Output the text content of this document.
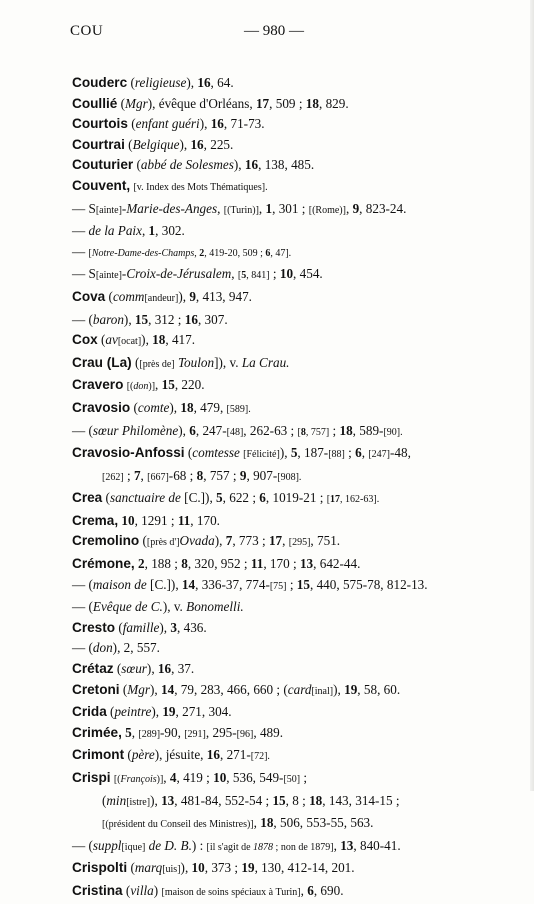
COU	— 980 —
Couderc (religieuse), 16, 64.
Coullié (Mgr), évêque d'Orléans, 17, 509 ; 18, 829.
Courtois (enfant guéri), 16, 71-73.
Courtrai (Belgique), 16, 225.
Couturier (abbé de Solesmes), 16, 138, 485.
Couvent, [v. Index des Mots Thématiques].
— S[ainte]-Marie-des-Anges, [(Turin)], 1, 301 ; [(Rome)], 9, 823-24.
— de la Paix, 1, 302.
— [Notre-Dame-des-Champs, 2, 419-20, 509 ; 6, 47].
— S[ainte]-Croix-de-Jérusalem, [5, 841] ; 10, 454.
Cova (comm[andeur]), 9, 413, 947.
— (baron), 15, 312 ; 16, 307.
Cox (av[ocat]), 18, 417.
Crau (La) ([près de] Toulon]), v. La Crau.
Cravero [(don)], 15, 220.
Cravosio (comte), 18, 479, [589].
— (sœur Philomène), 6, 247-[48], 262-63 ; [8, 757] ; 18, 589-[90].
Cravosio-Anfossi (comtesse [Félicité]), 5, 187-[88] ; 6, [247]-48,
[262] ; 7, [667]-68 ; 8, 757 ; 9, 907-[908].
Crea (sanctuaire de [C.]), 5, 622 ; 6, 1019-21 ; [17, 162-63].
Crema, 10, 1291 ; 11, 170.
Cremolino ([près d']Ovada), 7, 773 ; 17, [295], 751.
Crémone, 2, 188 ; 8, 320, 952 ; 11, 170 ; 13, 642-44.
— (maison de [C.]), 14, 336-37, 774-[75] ; 15, 440, 575-78, 812-13.
— (Evêque de C.), v. Bonomelli.
Cresto (famille), 3, 436.
— (don), 2, 557.
Crétaz (sœur), 16, 37.
Cretoni (Mgr), 14, 79, 283, 466, 660 ; (card[inal]), 19, 58, 60.
Crida (peintre), 19, 271, 304.
Crimée, 5, [289]-90, [291], 295-[96], 489.
Crimont (père), jésuite, 16, 271-[72].
Crispi [(François)], 4, 419 ; 10, 536, 549-[50] ;
(min[istre]), 13, 481-84, 552-54 ; 15, 8 ; 18, 143, 314-15 ;
[(président du Conseil des Ministres)], 18, 506, 553-55, 563.
— (suppl[ique] de D. B.) : [il s'agit de 1878 ; non de 1879], 13, 840-41.
Crispolti (marq[uis]), 10, 373 ; 19, 130, 412-14, 201.
Cristina (villa) [maison de soins spéciaux à Turin], 6, 690.
